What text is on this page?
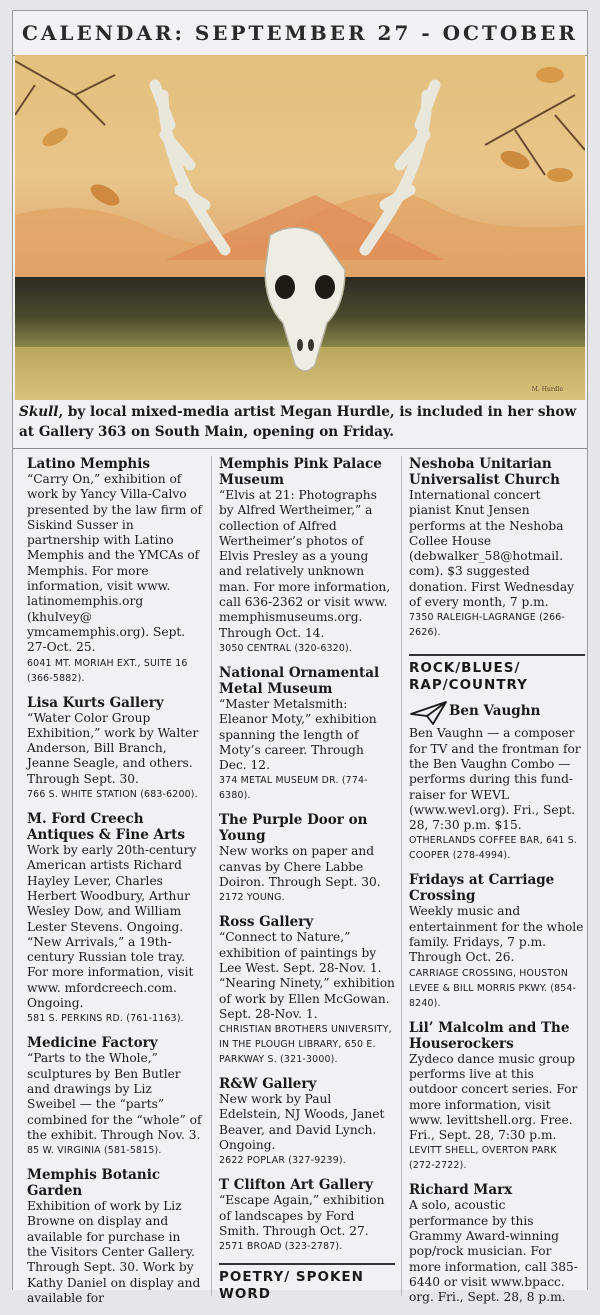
CALENDAR: SEPTEMBER 27 - OCTOBER
M. Hurdle
Skull, by local mixed-media artist Megan Hurdle, is included in her show at Gallery 363 on South Main, opening on Friday.

Latino Memphis

“Carry On,” exhibition of work by Yancy Villa-Calvo presented by the law firm of Siskind Susser in partnership with Latino Memphis and the YMCAs of Memphis. For more information, visit www. latinomemphis.org (khulvey@ ymcamemphis.org). Sept. 27-Oct. 25.

6041 MT. MORIAH EXT., SUITE 16 (366-5882).

Lisa Kurts Gallery

“Water Color Group Exhibition,” work by Walter Anderson, Bill Branch, Jeanne Seagle, and others. Through Sept. 30.

766 S. WHITE STATION (683-6200).

M. Ford Creech Antiques & Fine Arts

Work by early 20th-century American artists Richard Hayley Lever, Charles Herbert Woodbury, Arthur Wesley Dow, and William Lester Stevens. Ongoing. “New Arrivals,” a 19th-century Russian tole tray. For more information, visit www. mfordcreech.com. Ongoing.

581 S. PERKINS RD. (761-1163).

Medicine Factory

“Parts to the Whole,” sculptures by Ben Butler and drawings by Liz Sweibel — the “parts” combined for the “whole” of the exhibit. Through Nov. 3.

85 W. VIRGINIA (581-5815).

Memphis Botanic Garden

Exhibition of work by Liz Browne on display and available for purchase in the Visitors Center Gallery. Through Sept. 30. Work by Kathy Daniel on display and available for

Memphis Pink Palace Museum

“Elvis at 21: Photographs by Alfred Wertheimer,” a collection of Alfred Wertheimer’s photos of Elvis Presley as a young and relatively unknown man. For more information, call 636-2362 or visit www. memphismuseums.org. Through Oct. 14.

3050 CENTRAL (320-6320).

National Ornamental Metal Museum

“Master Metalsmith: Eleanor Moty,” exhibition spanning the length of Moty’s career. Through Dec. 12.

374 METAL MUSEUM DR. (774-6380).

The Purple Door on Young

New works on paper and canvas by Chere Labbe Doiron. Through Sept. 30.

2172 YOUNG.

Ross Gallery

“Connect to Nature,” exhibition of paintings by Lee West. Sept. 28-Nov. 1. “Nearing Ninety,” exhibition of work by Ellen McGowan. Sept. 28-Nov. 1.

CHRISTIAN BROTHERS UNIVERSITY, IN THE PLOUGH LIBRARY, 650 E. PARKWAY S. (321-3000).

R&W Gallery

New work by Paul Edelstein, NJ Woods, Janet Beaver, and David Lynch. Ongoing.

2622 POPLAR (327-9239).

T Clifton Art Gallery

“Escape Again,” exhibition of landscapes by Ford Smith. Through Oct. 27.

2571 BROAD (323-2787).

POETRY/ SPOKEN WORD

Neshoba Unitarian Universalist Church

International concert pianist Knut Jensen performs at the Neshoba Collee House (debwalker_58@hotmail. com). $3 suggested donation. First Wednesday of every month, 7 p.m.

7350 RALEIGH-LAGRANGE (266-2626).

ROCK/BLUES/ RAP/COUNTRY

Ben Vaughn

Ben Vaughn — a composer for TV and the frontman for the Ben Vaughn Combo — performs during this fund-raiser for WEVL (www.wevl.org). Fri., Sept. 28, 7:30 p.m. $15.

OTHERLANDS COFFEE BAR, 641 S. COOPER (278-4994).

Fridays at Carriage Crossing

Weekly music and entertainment for the whole family. Fridays, 7 p.m. Through Oct. 26.

CARRIAGE CROSSING, HOUSTON LEVEE & BILL MORRIS PKWY. (854-8240).

Lil’ Malcolm and The Houserockers

Zydeco dance music group performs live at this outdoor concert series. For more information, visit www. levittshell.org. Free. Fri., Sept. 28, 7:30 p.m.

LEVITT SHELL, OVERTON PARK (272-2722).

Richard Marx

A solo, acoustic performance by this Grammy Award-winning pop/rock musician. For more information, call 385-6440 or visit www.bpacc. org. Fri., Sept. 28, 8 p.m.
